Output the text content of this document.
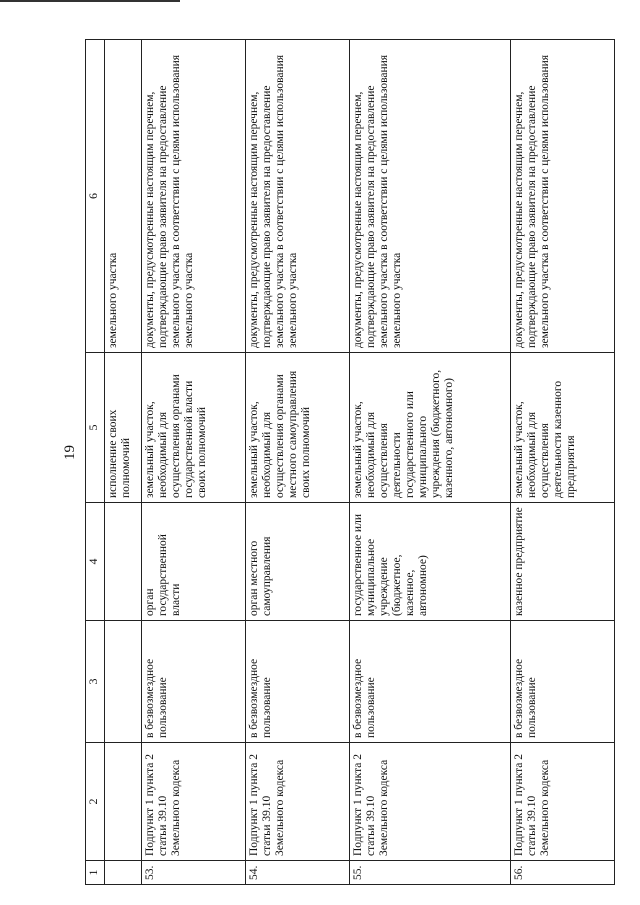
19
1	2	3	4	5	6
				исполнение своих полномочий	земельного участка
53.	Подпункт 1 пункта 2 статьи 39.10 Земельного кодекса	в безвозмездное пользование	орган государственной власти	земельный участок, необходимый для осуществления органами государственной власти своих полномочий	документы, предусмотренные настоящим перечнем, подтверждающие право заявителя на предоставление земельного участка в соответствии с целями использования земельного участка
54.	Подпункт 1 пункта 2 статьи 39.10 Земельного кодекса	в безвозмездное пользование	орган местного самоуправления	земельный участок, необходимый для осуществления органами местного самоуправления своих полномочий	документы, предусмотренные настоящим перечнем, подтверждающие право заявителя на предоставление земельного участка в соответствии с целями использования земельного участка
55.	Подпункт 1 пункта 2 статьи 39.10 Земельного кодекса	в безвозмездное пользование	государственное или муниципальное учреждение (бюджетное, казенное, автономное)	земельный участок, необходимый для осуществления деятельности государственного или муниципального учреждения (бюджетного, казенного, автономного)	документы, предусмотренные настоящим перечнем, подтверждающие право заявителя на предоставление земельного участка в соответствии с целями использования земельного участка
56.	Подпункт 1 пункта 2 статьи 39.10 Земельного кодекса	в безвозмездное пользование	казенное предприятие	земельный участок, необходимый для осуществления деятельности казенного предприятия	документы, предусмотренные настоящим перечнем, подтверждающие право заявителя на предоставление земельного участка в соответствии с целями использования
